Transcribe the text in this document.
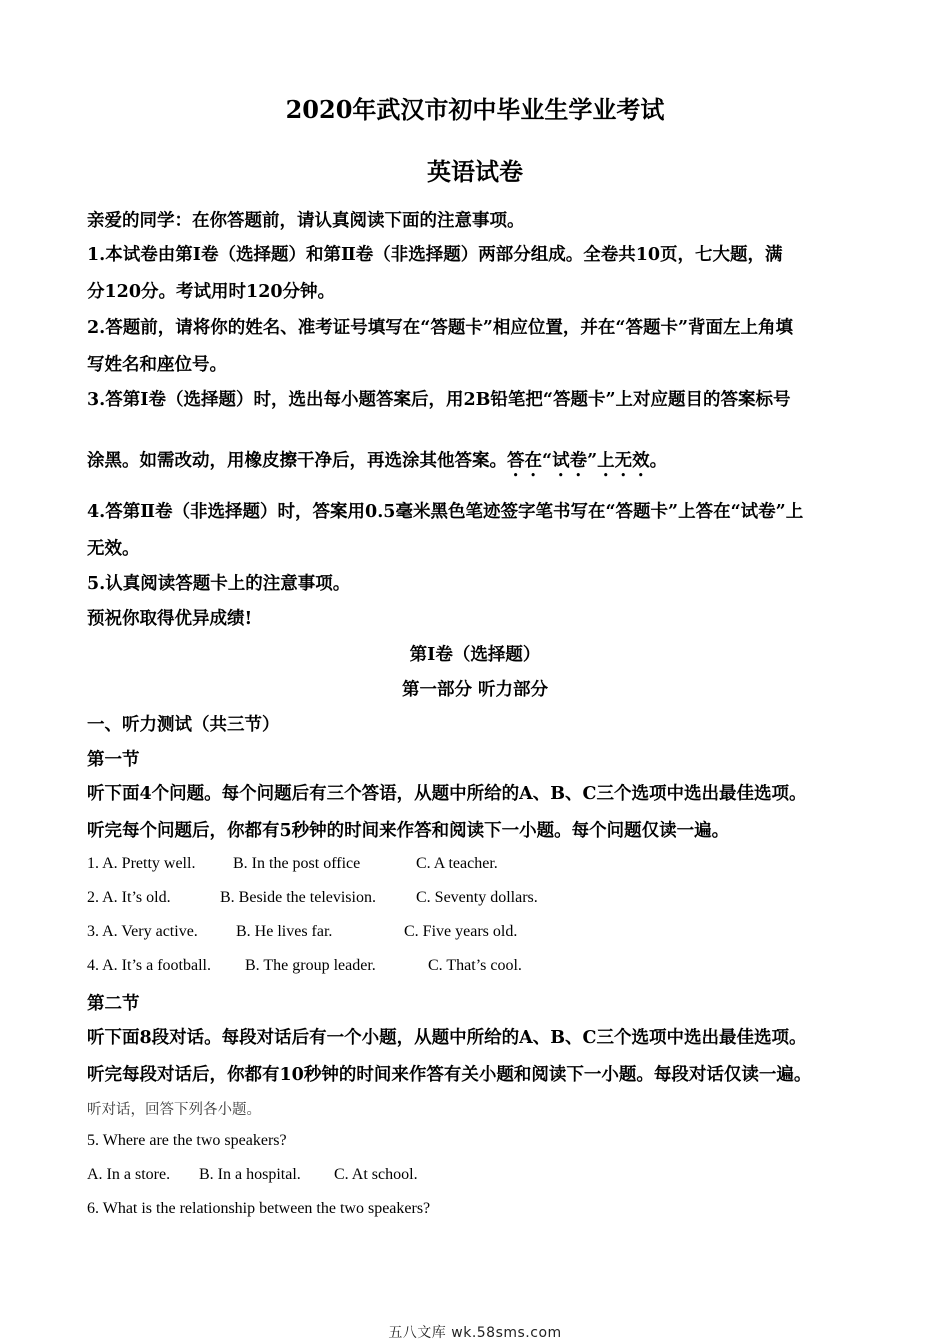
2020年武汉市初中毕业生学业考试
英语试卷
亲爱的同学：在你答题前，请认真阅读下面的注意事项。
1.本试卷由第Ⅰ卷（选择题）和第Ⅱ卷（非选择题）两部分组成。全卷共10页，七大题，满
分120分。考试用时120分钟。
2.答题前，请将你的姓名、准考证号填写在“答题卡”相应位置，并在“答题卡”背面左上角填
写姓名和座位号。
3.答第Ⅰ卷（选择题）时，选出每小题答案后，用2B铅笔把“答题卡”上对应题目的答案标号
涂黑。如需改动，用橡皮擦干净后，再选涂其他答案。答在“试卷”上无效。
4.答第Ⅱ卷（非选择题）时，答案用0.5毫米黑色笔迹签字笔书写在“答题卡”上答在“试卷”上
无效。
5.认真阅读答题卡上的注意事项。
预祝你取得优异成绩!
第Ⅰ卷（选择题）
第一部分 听力部分
一、听力测试（共三节）
第一节
听下面4个问题。每个问题后有三个答语，从题中所给的A、B、C三个选项中选出最佳选项。
听完每个问题后，你都有5秒钟的时间来作答和阅读下一小题。每个问题仅读一遍。
1. A. Pretty well. B. In the post office	C. A teacher.
2. A. It’s old.	B. Beside the television.	C. Seventy dollars.
3. A. Very active. B. He lives far.	C. Five years old.
4. A. It’s a football. B. The group leader.	C. That’s cool.
第二节
听下面8段对话。每段对话后有一个小题，从题中所给的A、B、C三个选项中选出最佳选项。
听完每段对话后，你都有10秒钟的时间来作答有关小题和阅读下一小题。每段对话仅读一遍。
听对话，回答下列各小题。
5. Where are the two speakers?
A. In a store. B. In a hospital. C. At school.
6. What is the relationship between the two speakers?
五八文库 wk.58sms.com
